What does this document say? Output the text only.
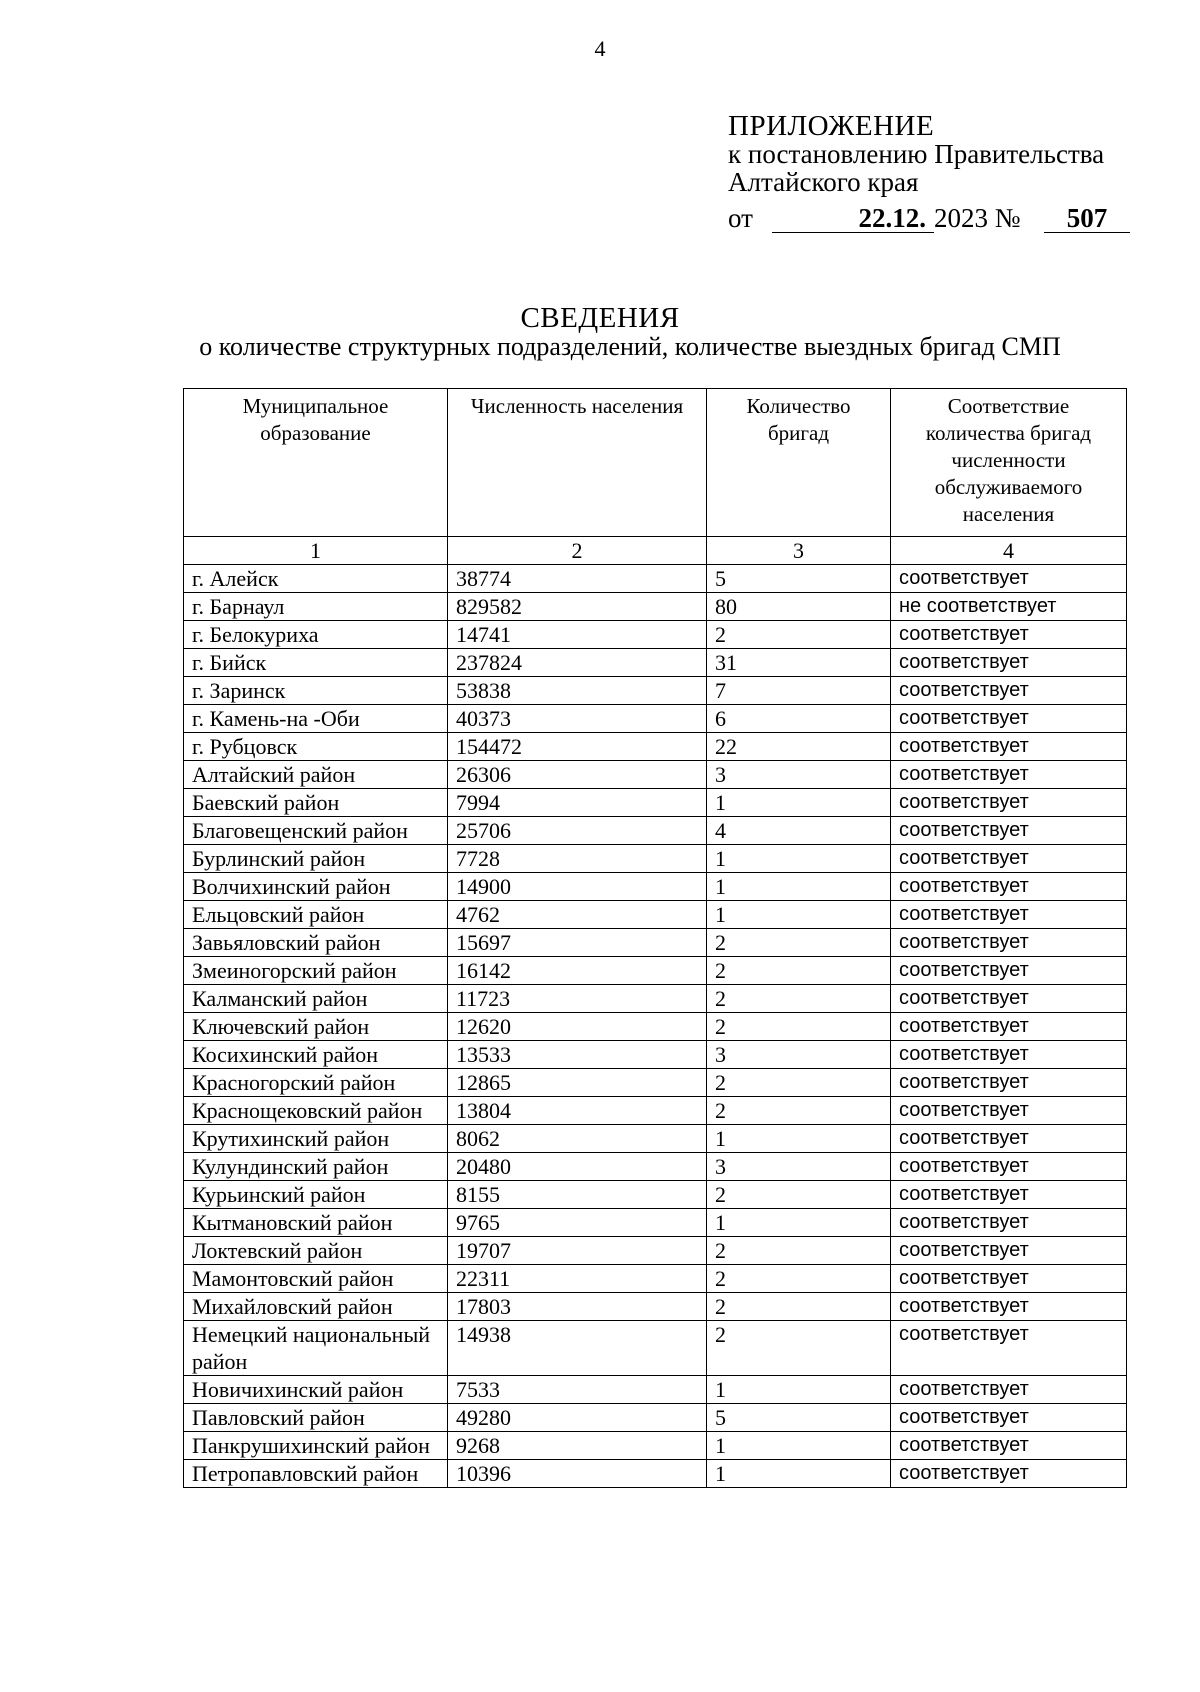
4
ПРИЛОЖЕНИЕ
к постановлению Правительства
Алтайского края
от	22.12. 2023 №	507
СВЕДЕНИЯ
о количестве структурных подразделений, количестве выездных бригад СМП
Муниципальное образование	Численность населения	Количество бригад	Соответствие количества бригад численности обслуживаемого населения
1	2	3	4
г. Алейск	38774	5	соответствует
г. Барнаул	829582	80	не соответствует
г. Белокуриха	14741	2	соответствует
г. Бийск	237824	31	соответствует
г. Заринск	53838	7	соответствует
г. Камень-на -Оби	40373	6	соответствует
г. Рубцовск	154472	22	соответствует
Алтайский район	26306	3	соответствует
Баевский район	7994	1	соответствует
Благовещенский район	25706	4	соответствует
Бурлинский район	7728	1	соответствует
Волчихинский район	14900	1	соответствует
Ельцовский район	4762	1	соответствует
Завьяловский район	15697	2	соответствует
Змеиногорский район	16142	2	соответствует
Калманский район	11723	2	соответствует
Ключевский район	12620	2	соответствует
Косихинский район	13533	3	соответствует
Красногорский район	12865	2	соответствует
Краснощековский район	13804	2	соответствует
Крутихинский район	8062	1	соответствует
Кулундинский район	20480	3	соответствует
Курьинский район	8155	2	соответствует
Кытмановский район	9765	1	соответствует
Локтевский район	19707	2	соответствует
Мамонтовский район	22311	2	соответствует
Михайловский район	17803	2	соответствует
Немецкий национальный район	14938	2	соответствует
Новичихинский район	7533	1	соответствует
Павловский район	49280	5	соответствует
Панкрушихинский район	9268	1	соответствует
Петропавловский район	10396	1	соответствует
